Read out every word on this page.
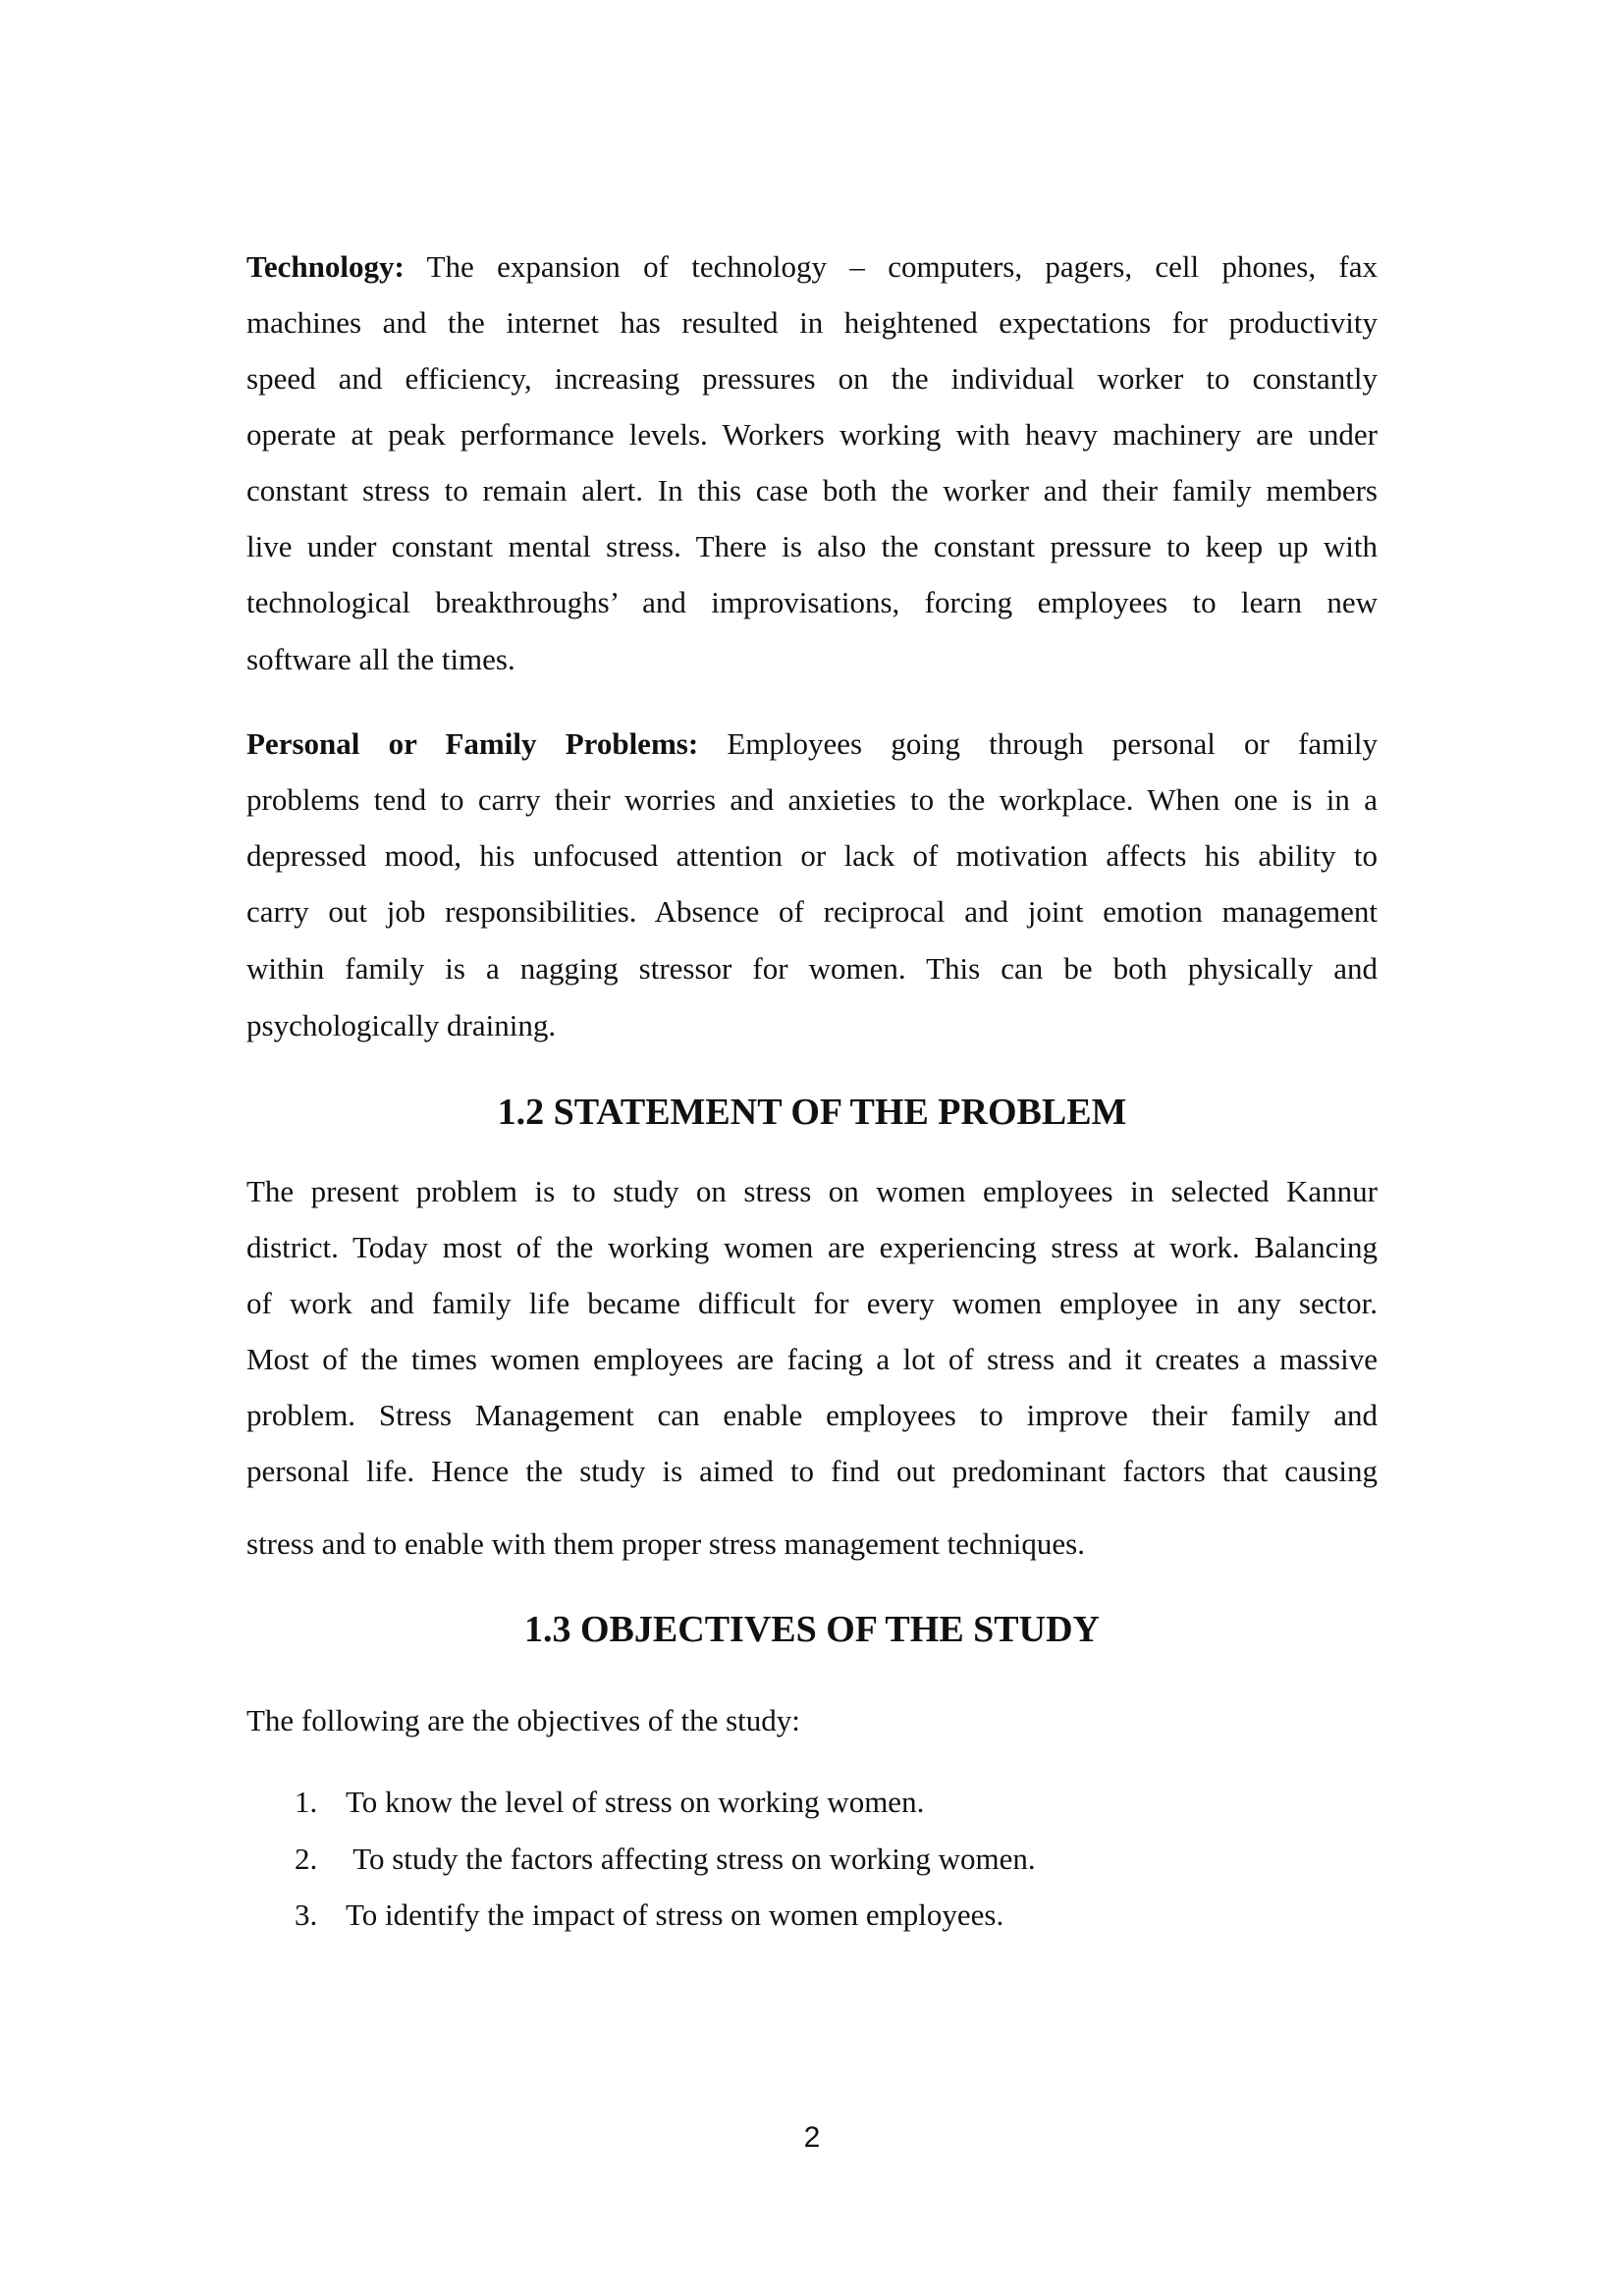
Technology: The expansion of technology – computers, pagers, cell phones, fax
machines and the internet has resulted in heightened expectations for productivity
speed and efficiency, increasing pressures on the individual worker to constantly
operate at peak performance levels. Workers working with heavy machinery are under
constant stress to remain alert. In this case both the worker and their family members
live under constant mental stress. There is also the constant pressure to keep up with
technological breakthroughs’ and improvisations, forcing employees to learn new
software all the times.
Personal or Family Problems: Employees going through personal or family
problems tend to carry their worries and anxieties to the workplace. When one is in a
depressed mood, his unfocused attention or lack of motivation affects his ability to
carry out job responsibilities. Absence of reciprocal and joint emotion management
within family is a nagging stressor for women. This can be both physically and
psychologically draining.
1.2 STATEMENT OF THE PROBLEM
The present problem is to study on stress on women employees in selected Kannur
district. Today most of the working women are experiencing stress at work. Balancing
of work and family life became difficult for every women employee in any sector.
Most of the times women employees are facing a lot of stress and it creates a massive
problem. Stress Management can enable employees to improve their family and
personal life. Hence the study is aimed to find out predominant factors that causing
stress and to enable with them proper stress management techniques.
1.3 OBJECTIVES OF THE STUDY
The following are the objectives of the study:
1. To know the level of stress on working women.
2. To study the factors affecting stress on working women.
3. To identify the impact of stress on women employees.
2
